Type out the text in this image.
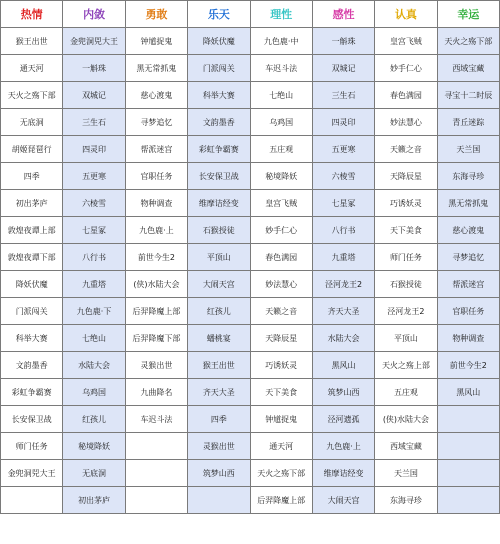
热情	内敛	勇敢	乐天	理性	感性	认真	幸运
猴王出世	金兜洞兕大王	钟馗捉鬼	降妖伏魔	九色鹿·中	一斛珠	皇宫飞贼	天火之殇下部
通天河	一斛珠	黑无常抓鬼	门派闯关	车迟斗法	双城记	妙手仁心	西域宝藏
天火之殇下部	双城记	慈心渡鬼	科举大赛	七绝山	三生石	春色满园	寻宝十二时辰
无底洞	三生石	寻梦追忆	文韵墨香	乌鸡国	四灵印	妙法慧心	青丘迷踪
胡姬琵琶行	四灵印	帮派迷宫	彩虹争霸赛	五庄观	五更寒	天籁之音	天兰国
四季	五更寒	官职任务	长安保卫战	秘境降妖	六棱雪	天降辰星	东海寻珍
初出茅庐	六棱雪	物种调查	维摩诘经变	皇宫飞贼	七星冢	巧诱妖灵	黑无常抓鬼
敦煌夜谭上部	七星冢	九色鹿·上	石猴授徒	妙手仁心	八行书	天下美食	慈心渡鬼
敦煌夜谭下部	八行书	前世今生2	平顶山	春色满园	九重塔	师门任务	寻梦追忆
降妖伏魔	九重塔	(侠)水陆大会	大闹天宫	妙法慧心	泾河龙王2	石猴授徒	帮派迷宫
门派闯关	九色鹿·下	后羿降魔上部	红孩儿	天籁之音	齐天大圣	泾河龙王2	官职任务
科举大赛	七绝山	后羿降魔下部	蟠桃宴	天降辰星	水陆大会	平顶山	物种调查
文韵墨香	水陆大会	灵猴出世	猴王出世	巧诱妖灵	黑风山	天火之殇上部	前世今生2
彩虹争霸赛	乌鸡国	九曲降名	齐天大圣	天下美食	筑梦山西	五庄观	黑风山
长安保卫战	红孩儿	车迟斗法	四季	钟馗捉鬼	泾河遗孤	(侠)水陆大会	
师门任务	秘境降妖		灵猴出世	通天河	九色鹿·上	西域宝藏	
金兜洞兕大王	无底洞		筑梦山西	天火之殇下部	维摩诘经变	天兰国	
	初出茅庐			后羿降魔上部	大闹天宫	东海寻珍	
